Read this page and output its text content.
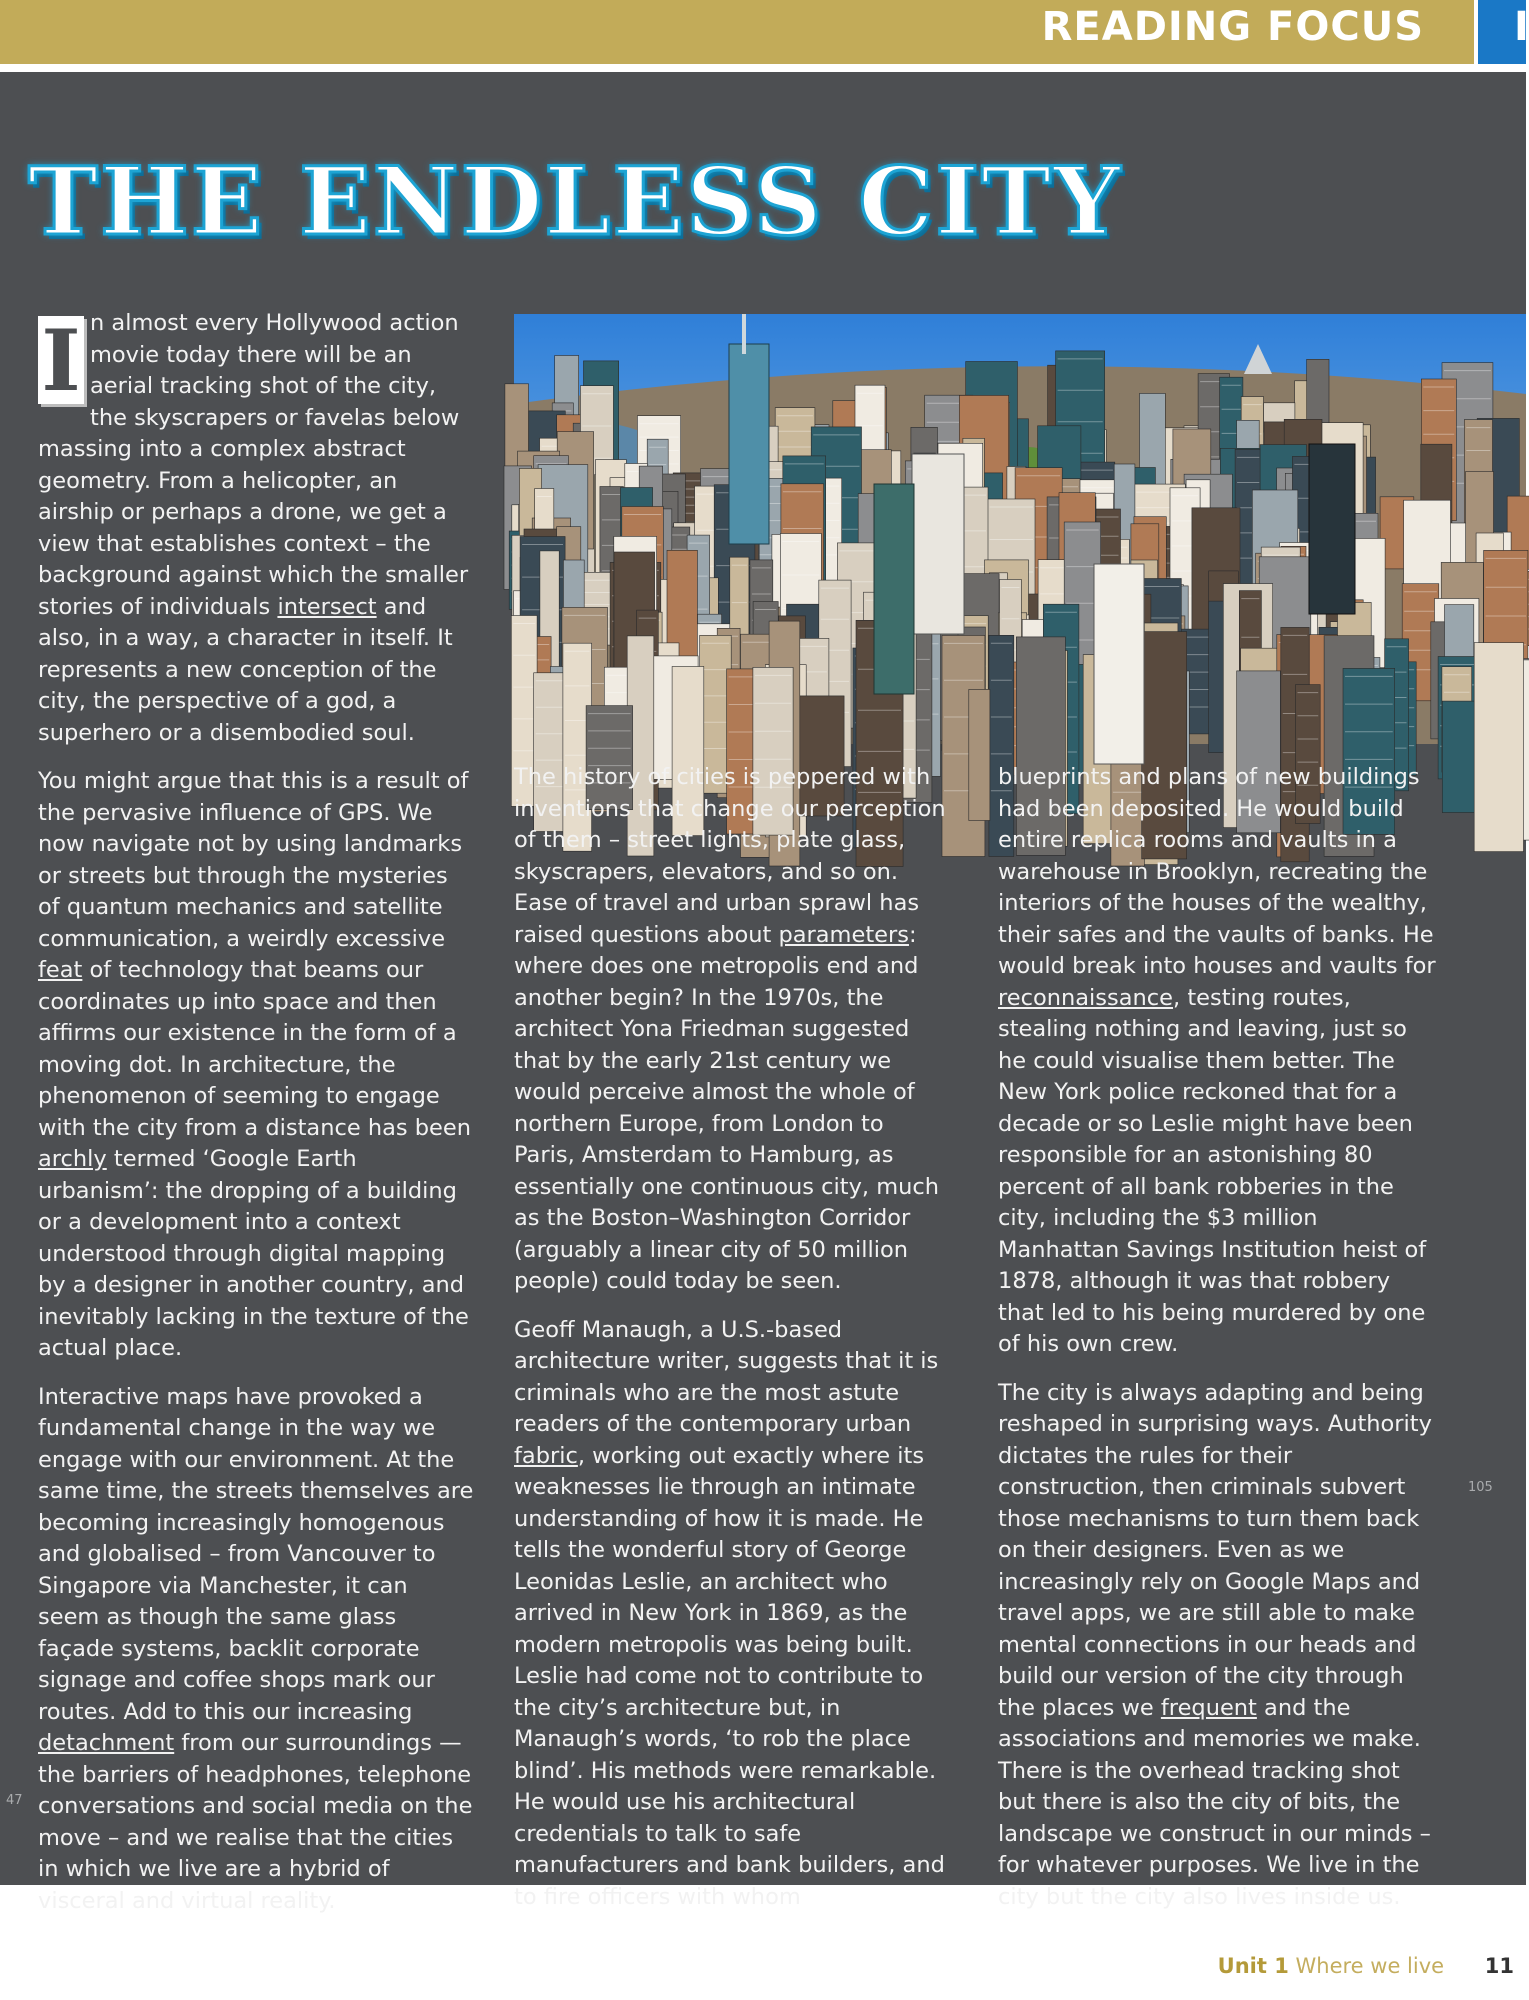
READING FOCUS I
THE ENDLESS CITY

I n almost every Hollywood action movie today there will be an aerial tracking shot of the city, the skyscrapers or favelas below massing into a complex abstract geometry. From a helicopter, an airship or perhaps a drone, we get a view that establishes context – the background against which the smaller stories of individuals intersect and also, in a way, a character in itself. It represents a new conception of the city, the perspective of a god, a superhero or a disembodied soul.

You might argue that this is a result of the pervasive influence of GPS. We now navigate not by using landmarks or streets but through the mysteries of quantum mechanics and satellite communication, a weirdly excessive feat of technology that beams our coordinates up into space and then affirms our existence in the form of a moving dot. In architecture, the phenomenon of seeming to engage with the city from a distance has been archly termed ‘Google Earth urbanism’: the dropping of a building or a development into a context understood through digital mapping by a designer in another country, and inevitably lacking in the texture of the actual place.

Interactive maps have provoked a fundamental change in the way we engage with our environment. At the same time, the streets themselves are becoming increasingly homogenous and globalised – from Vancouver to Singapore via Manchester, it can seem as though the same glass façade systems, backlit corporate signage and coffee shops mark our routes. Add to this our increasing detachment from our surroundings — the barriers of headphones, telephone conversations and social media on the move – and we realise that the cities in which we live are a hybrid of visceral and virtual reality.

The history of cities is peppered with inventions that change our perception of them – street lights, plate glass, skyscrapers, elevators, and so on. Ease of travel and urban sprawl has raised questions about parameters: where does one metropolis end and another begin? In the 1970s, the architect Yona Friedman suggested that by the early 21st century we would perceive almost the whole of northern Europe, from London to Paris, Amsterdam to Hamburg, as essentially one continuous city, much as the Boston–Washington Corridor (arguably a linear city of 50 million people) could today be seen.

Geoff Manaugh, a U.S.-based architecture writer, suggests that it is criminals who are the most astute readers of the contemporary urban fabric, working out exactly where its weaknesses lie through an intimate understanding of how it is made. He tells the wonderful story of George Leonidas Leslie, an architect who arrived in New York in 1869, as the modern metropolis was being built. Leslie had come not to contribute to the city’s architecture but, in Manaugh’s words, ‘to rob the place blind’. His methods were remarkable. He would use his architectural credentials to talk to safe manufacturers and bank builders, and to fire officers with whom

blueprints and plans of new buildings had been deposited. He would build entire replica rooms and vaults in a warehouse in Brooklyn, recreating the interiors of the houses of the wealthy, their safes and the vaults of banks. He would break into houses and vaults for reconnaissance, testing routes, stealing nothing and leaving, just so he could visualise them better. The New York police reckoned that for a decade or so Leslie might have been responsible for an astonishing 80 percent of all bank robberies in the city, including the $3 million Manhattan Savings Institution heist of 1878, although it was that robbery that led to his being murdered by one of his own crew.

The city is always adapting and being reshaped in surprising ways. Authority dictates the rules for their construction, then criminals subvert those mechanisms to turn them back on their designers. Even as we increasingly rely on Google Maps and travel apps, we are still able to make mental connections in our heads and build our version of the city through the places we frequent and the associations and memories we make. There is the overhead tracking shot but there is also the city of bits, the landscape we construct in our minds – for whatever purposes. We live in the city but the city also lives inside us.

47
105
Unit 1 Where we live 11
